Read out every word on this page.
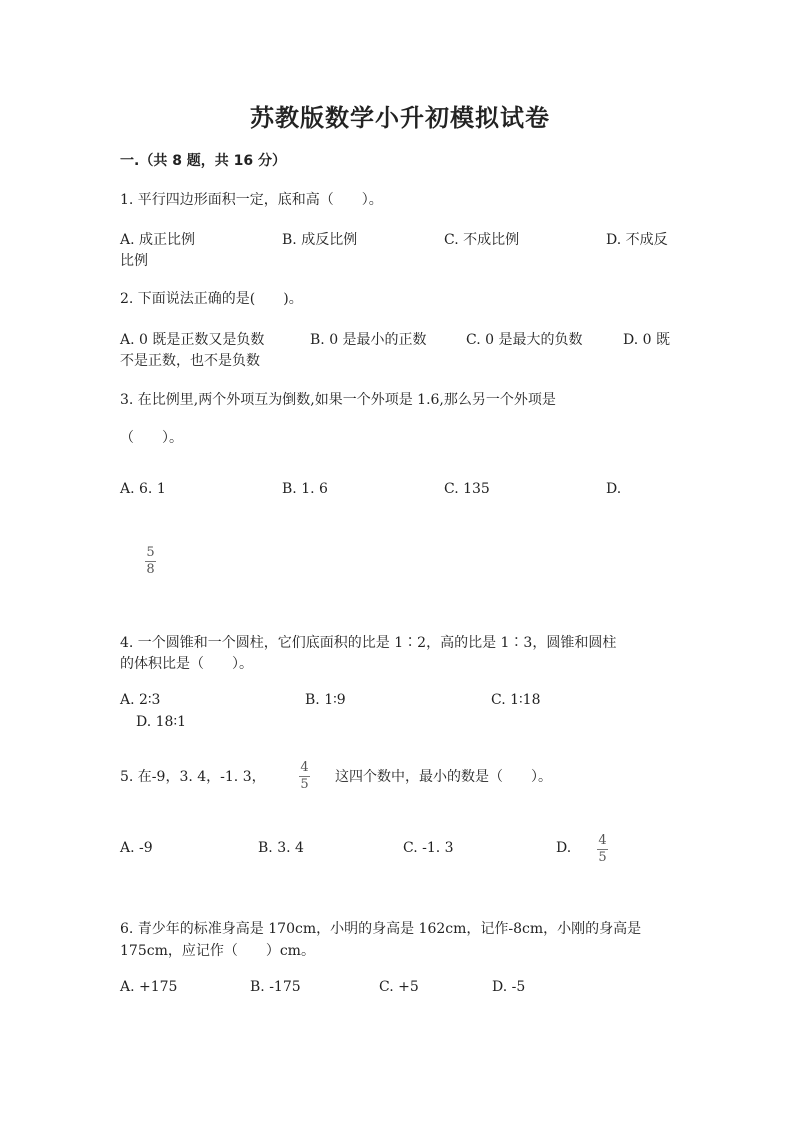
苏教版数学小升初模拟试卷
一.（共 8 题，共 16 分）
1. 平行四边形面积一定，底和高（　　）。
A. 成正比例	B. 成反比例	C. 不成比例	D. 不成反
比例
2. 下面说法正确的是(　　)。
A. 0 既是正数又是负数	B. 0 是最小的正数	C. 0 是最大的负数	D. 0 既
不是正数，也不是负数
3. 在比例里,两个外项互为倒数,如果一个外项是 1.6,那么另一个外项是
（　　）。
A. 6. 1	B. 1. 6	C. 135	D.
5
8
4. 一个圆锥和一个圆柱，它们底面积的比是 1∶2，高的比是 1∶3，圆锥和圆柱
的体积比是（　　）。
A. 2∶3	B. 1∶9	C. 1∶18
D. 18∶1
5. 在-9，3. 4，-1. 3，
4
5 这四个数中，最小的数是（　　）。
A. -9	B. 3. 4	C. -1. 3	D. 4
5
6. 青少年的标准身高是 170cm，小明的身高是 162cm，记作-8cm，小刚的身高是
175cm，应记作（　　）cm。
A. +175	B. -175	C. +5	D. -5
